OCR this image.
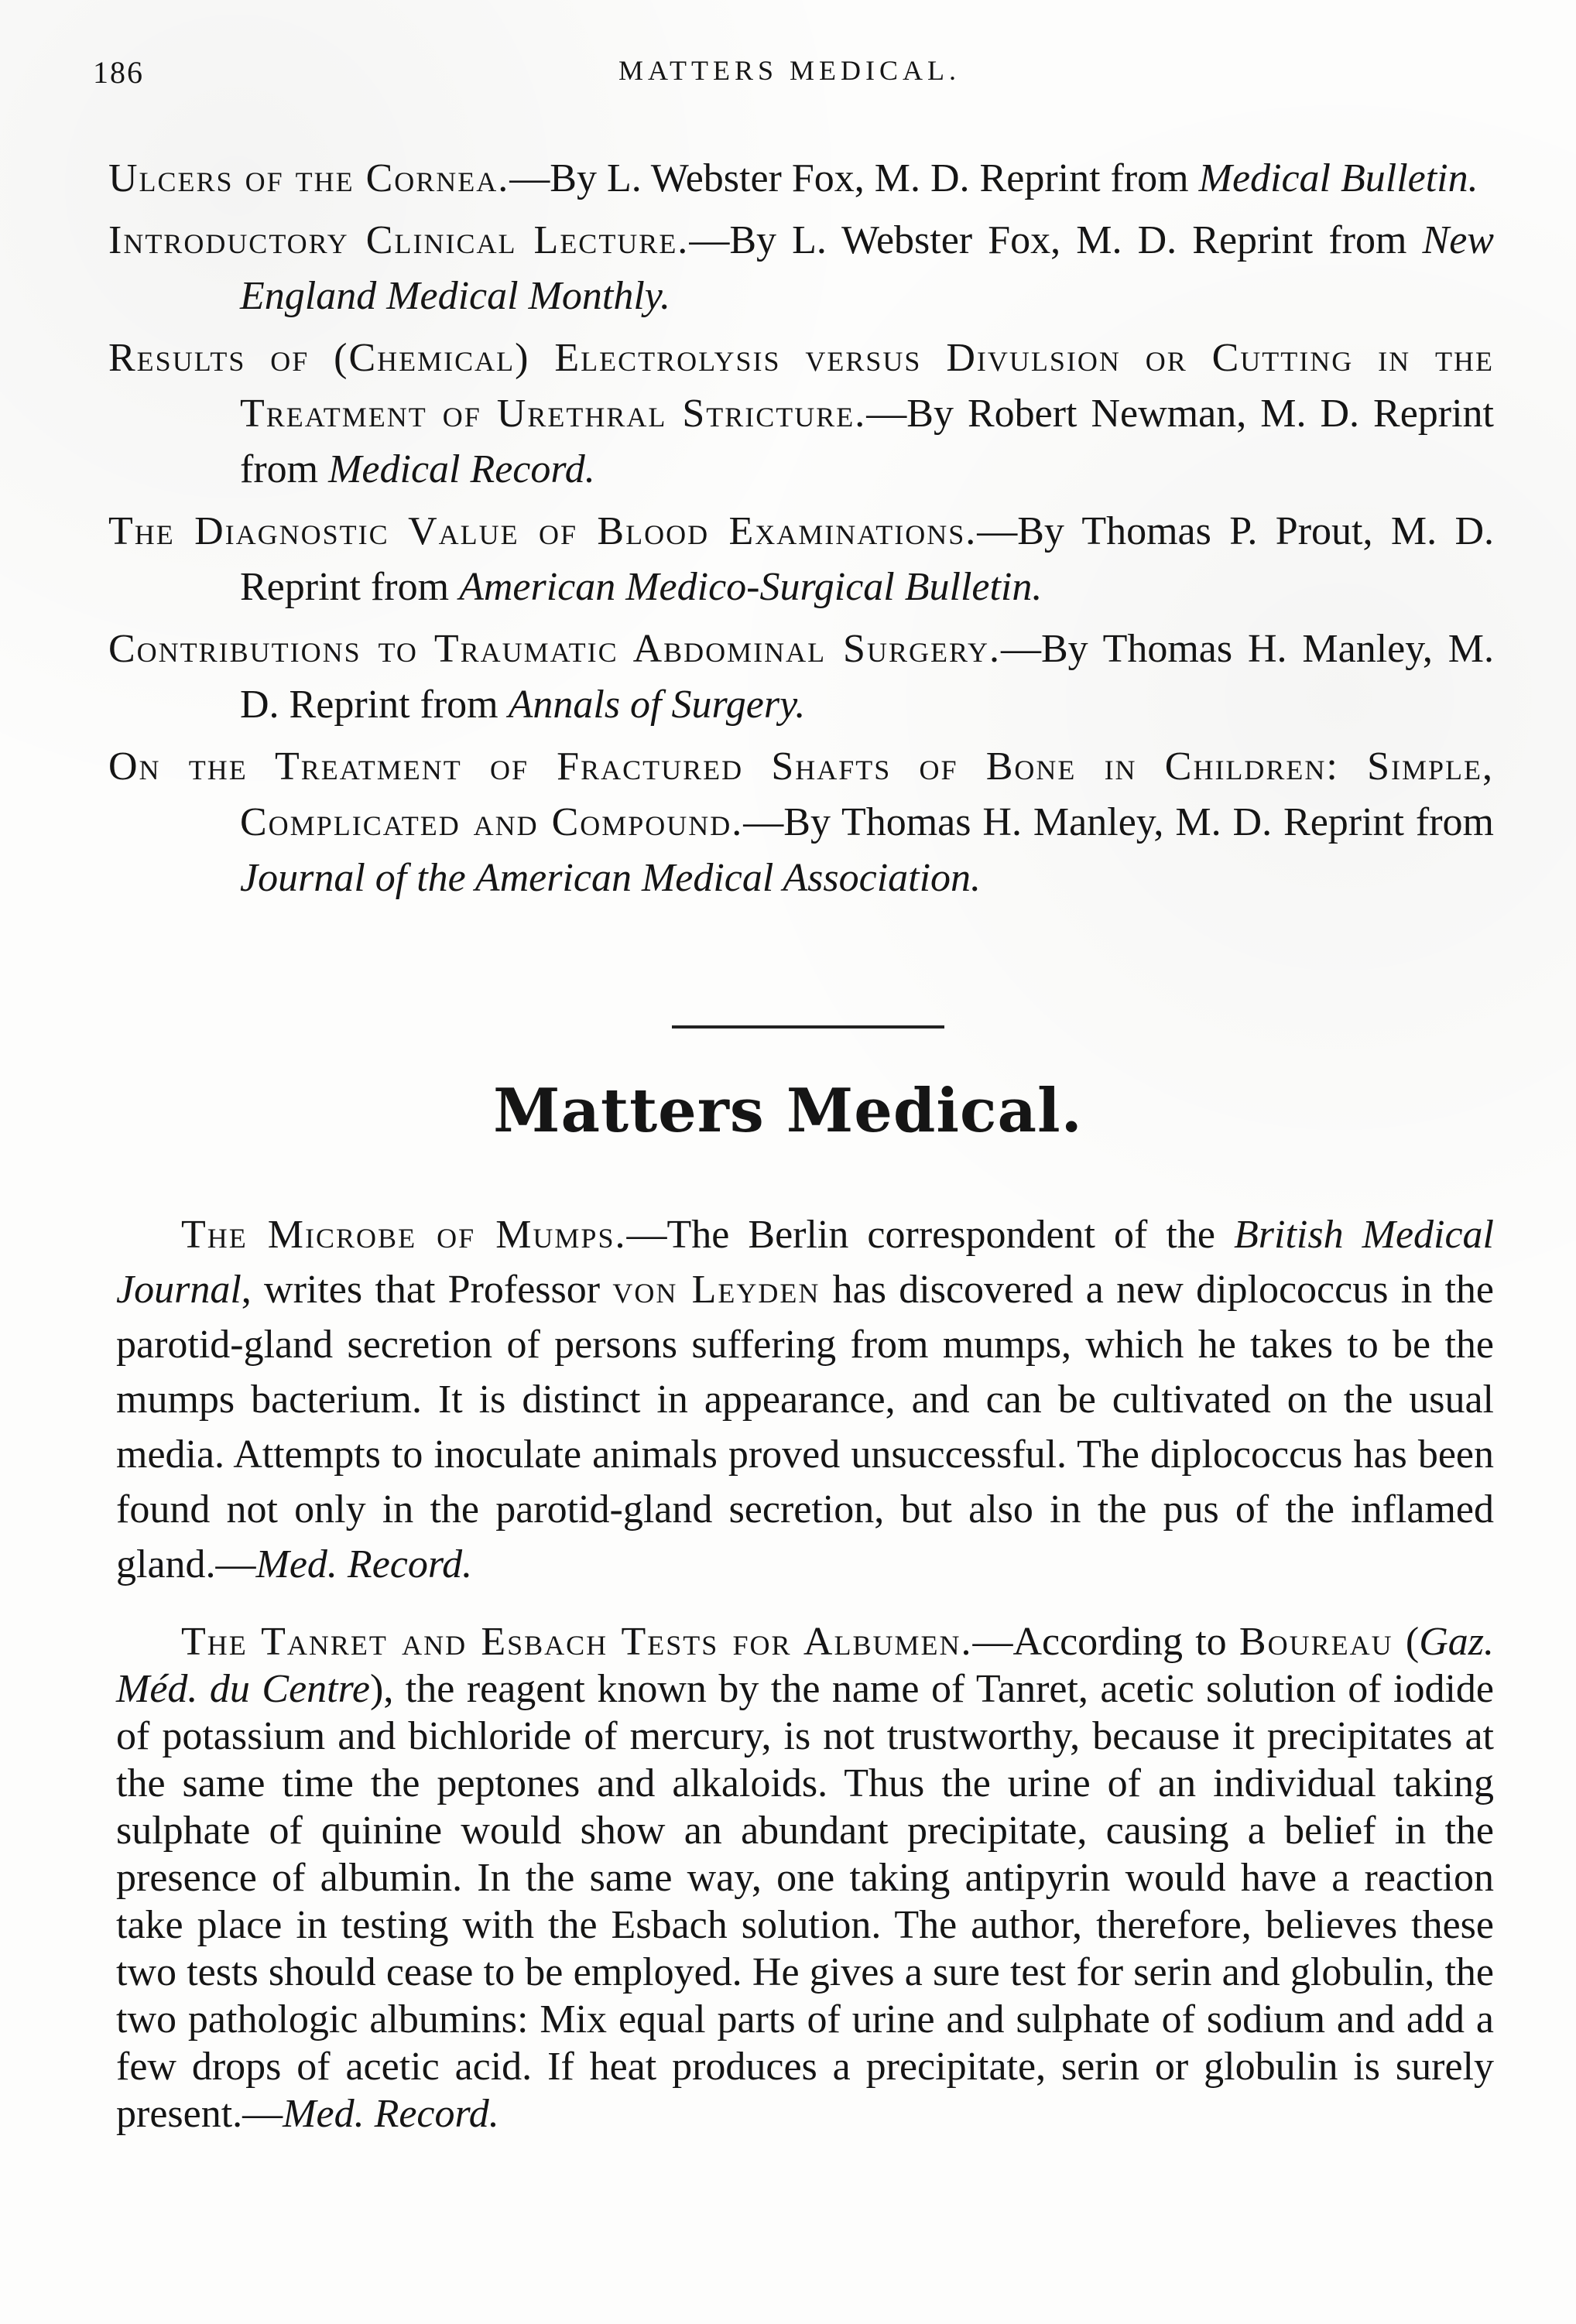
186	MATTERS MEDICAL.

Ulcers of the Cornea.—By L. Webster Fox, M. D. Reprint from Medical Bulletin.

Introductory Clinical Lecture.—By L. Webster Fox, M. D. Reprint from New England Medical Monthly.

Results of (Chemical) Electrolysis versus Divulsion or Cutting in the Treatment of Urethral Stricture.—By Robert Newman, M. D. Reprint from Medical Record.

The Diagnostic Value of Blood Examinations.—By Thomas P. Prout, M. D. Reprint from American Medico-Surgical Bulletin.

Contributions to Traumatic Abdominal Surgery.—By Thomas H. Manley, M. D. Reprint from Annals of Surgery.

On the Treatment of Fractured Shafts of Bone in Children: Simple, Complicated and Compound.—By Thomas H. Manley, M. D. Reprint from Journal of the American Medical Association.

Matters Medical.

The Microbe of Mumps.—The Berlin correspondent of the British Medical Journal, writes that Professor von Leyden has discovered a new diplococcus in the parotid-gland secretion of persons suffering from mumps, which he takes to be the mumps bacterium. It is distinct in appearance, and can be cultivated on the usual media. Attempts to inoculate animals proved unsuccessful. The diplococcus has been found not only in the parotid-gland secretion, but also in the pus of the inflamed gland.—Med. Record.

The Tanret and Esbach Tests for Albumen.—According to Boureau (Gaz. Méd. du Centre), the reagent known by the name of Tanret, acetic solution of iodide of potassium and bichloride of mercury, is not trustworthy, because it precipitates at the same time the peptones and alkaloids. Thus the urine of an individual taking sulphate of quinine would show an abundant precipitate, causing a belief in the presence of albumin. In the same way, one taking antipyrin would have a reaction take place in testing with the Esbach solution. The author, therefore, believes these two tests should cease to be employed. He gives a sure test for serin and globulin, the two pathologic albumins: Mix equal parts of urine and sulphate of sodium and add a few drops of acetic acid. If heat produces a precipitate, serin or globulin is surely present.—Med. Record.
